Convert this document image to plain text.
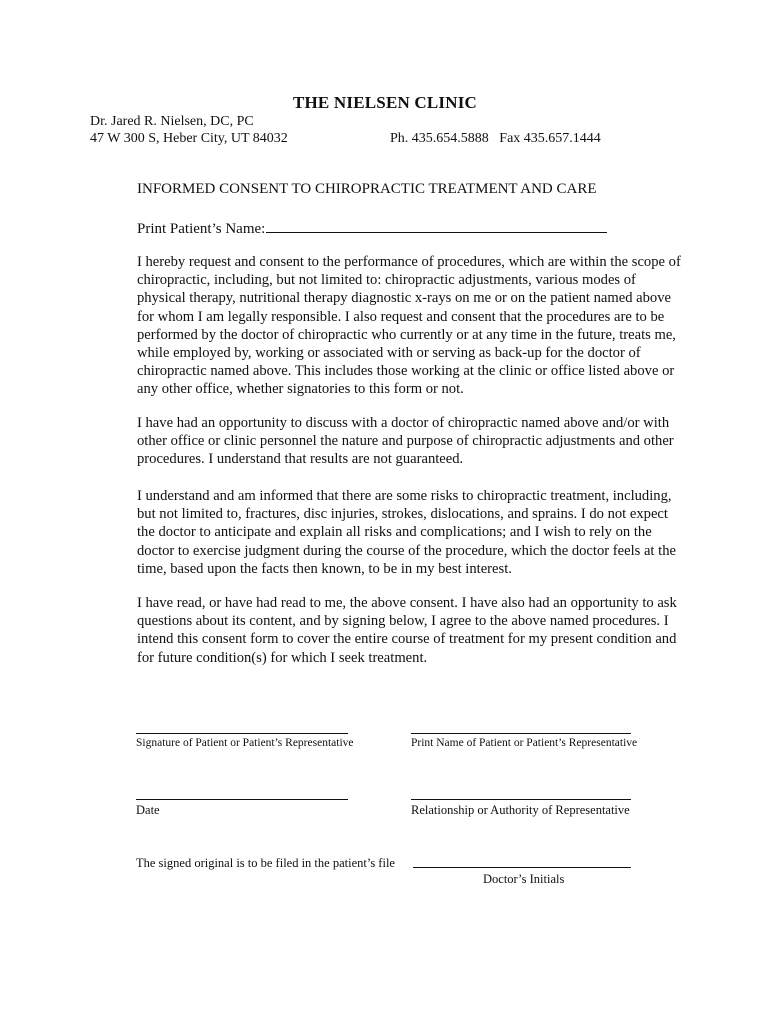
THE NIELSEN CLINIC
Dr. Jared R. Nielsen, DC, PC
47 W 300 S, Heber City, UT 84032	Ph. 435.654.5888   Fax 435.657.1444
INFORMED CONSENT TO CHIROPRACTIC TREATMENT AND CARE
Print Patient’s Name:

I hereby request and consent to the performance of procedures, which are within the scope of chiropractic, including, but not limited to: chiropractic adjustments, various modes of physical therapy, nutritional therapy diagnostic x-rays on me or on the patient named above for whom I am legally responsible. I also request and consent that the procedures are to be performed by the doctor of chiropractic who currently or at any time in the future, treats me, while employed by, working or associated with or serving as back-up for the doctor of chiropractic named above. This includes those working at the clinic or office listed above or any other office, whether signatories to this form or not.

I have had an opportunity to discuss with a doctor of chiropractic named above and/or with other office or clinic personnel the nature and purpose of chiropractic adjustments and other procedures. I understand that results are not guaranteed.

I understand and am informed that there are some risks to chiropractic treatment, including, but not limited to, fractures, disc injuries, strokes, dislocations, and sprains. I do not expect the doctor to anticipate and explain all risks and complications; and I wish to rely on the doctor to exercise judgment during the course of the procedure, which the doctor feels at the time, based upon the facts then known, to be in my best interest.

I have read, or have had read to me, the above consent. I have also had an opportunity to ask questions about its content, and by signing below, I agree to the above named procedures. I intend this consent form to cover the entire course of treatment for my present condition and for future condition(s) for which I seek treatment.

Signature of Patient or Patient’s Representative	Print Name of Patient or Patient’s Representative
Date	Relationship or Authority of Representative
The signed original is to be filed in the patient’s file
Doctor’s Initials
